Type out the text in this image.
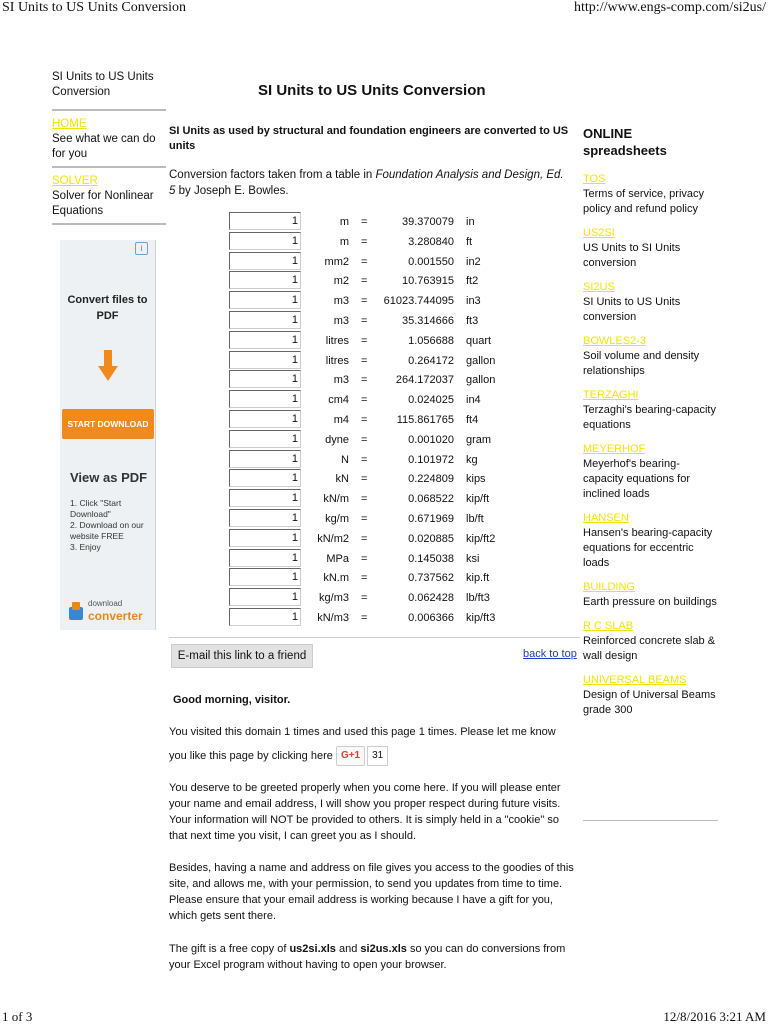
SI Units to US Units Conversion	http://www.engs-comp.com/si2us/
1 of 3	12/8/2016 3:21 AM
SI Units to US Units Conversion
HOME
See what we can do for you
SOLVER
Solver for Nonlinear Equations
i
Convert files to PDF
START DOWNLOAD
View as PDF
1. Click "Start Download"
2. Download on our website FREE
3. Enjoy
download
converter
SI Units to US Units Conversion
SI Units as used by structural and foundation engineers are converted to US units
Conversion factors taken from a table in Foundation Analysis and Design, Ed. 5 by Joseph E. Bowles.
1	m =	39.370079 in
1	m =	3.280840 ft
1	mm2 =	0.001550 in2
1	m2 =	10.763915 ft2
1	m3 =	61023.744095 in3
1	m3 =	35.314666 ft3
1	litres =	1.056688 quart
1	litres =	0.264172 gallon
1	m3 =	264.172037 gallon
1	cm4 =	0.024025 in4
1	m4 =	115.861765 ft4
1	dyne =	0.001020 gram
1	N =	0.101972 kg
1	kN =	0.224809 kips
1	kN/m =	0.068522 kip/ft
1	kg/m =	0.671969 lb/ft
1	kN/m2 =	0.020885 kip/ft2
1	MPa =	0.145038 ksi
1	kN.m =	0.737562 kip.ft
1	kg/m3 =	0.062428 lb/ft3
1	kN/m3 =	0.006366 kip/ft3
E-mail this link to a friend	back to top
Good morning, visitor.
You visited this domain 1 times and used this page 1 times. Please let me know you like this page by clicking here G+1 31
You deserve to be greeted properly when you come here. If you will please enter your name and email address, I will show you proper respect during future visits. Your information will NOT be provided to others. It is simply held in a "cookie" so that next time you visit, I can greet you as I should.
Besides, having a name and address on file gives you access to the goodies of this site, and allows me, with your permission, to send you updates from time to time. Please ensure that your email address is working because I have a gift for you, which gets sent there.
The gift is a free copy of us2si.xls and si2us.xls so you can do conversions from your Excel program without having to open your browser.
ONLINE spreadsheets
TOS
Terms of service, privacy policy and refund policy
US2SI
US Units to SI Units conversion
SI2US
SI Units to US Units conversion
BOWLES2-3
Soil volume and density relationships
TERZAGHI
Terzaghi's bearing-capacity equations
MEYERHOF
Meyerhof's bearing-capacity equations for inclined loads
HANSEN
Hansen's bearing-capacity equations for eccentric loads
BUILDING
Earth pressure on buildings
R C SLAB
Reinforced concrete slab & wall design
UNIVERSAL BEAMS
Design of Universal Beams grade 300
